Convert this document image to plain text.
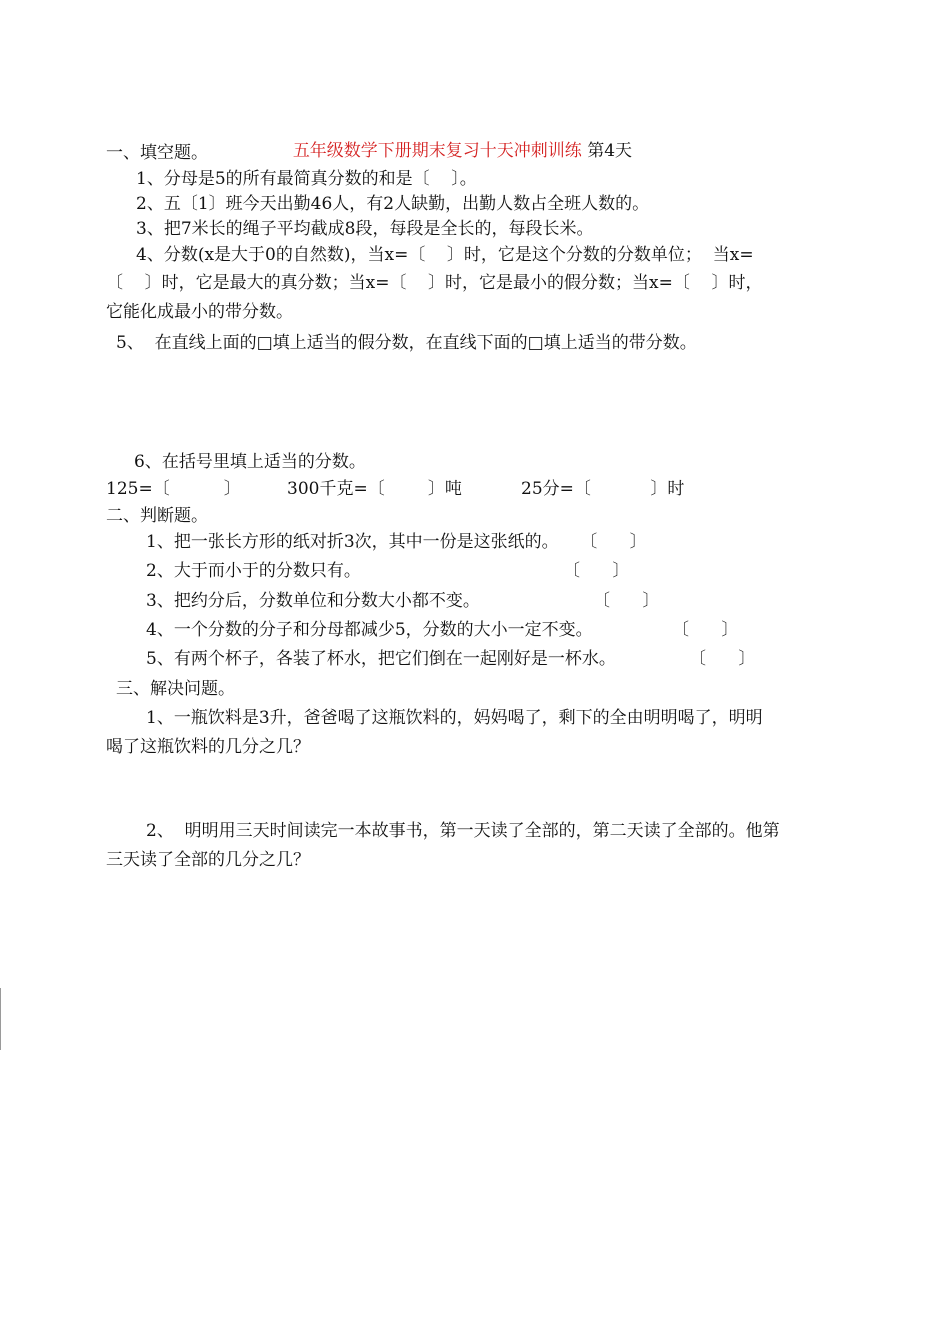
五年级数学下册期末复习十天冲刺训练 第4天

一、填空题。
1、分母是5的所有最简真分数的和是〔    〕。
2、五〔1〕班今天出勤46人，有2人缺勤，出勤人数占全班人数的。
3、把7米长的绳子平均截成8段，每段是全长的，每段长米。
4、分数(x是大于0的自然数)，当x=〔    〕时，它是这个分数的分数单位；  当x=
〔    〕时，它是最大的真分数；当x=〔    〕时，它是最小的假分数；当x=〔    〕时，
它能化成最小的带分数。
5、  在直线上面的□填上适当的假分数，在直线下面的□填上适当的带分数。
6、在括号里填上适当的分数。
125=〔          〕	300千克=〔        〕吨	25分=〔           〕时
二、判断题。
1、把一张长方形的纸对折3次，其中一份是这张纸的。    〔      〕
2、大于而小于的分数只有。	〔      〕
3、把约分后，分数单位和分数大小都不变。	〔      〕
4、一个分数的分子和分母都减少5，分数的大小一定不变。	〔      〕
5、有两个杯子，各装了杯水，把它们倒在一起刚好是一杯水。	〔      〕
三、解决问题。
1、一瓶饮料是3升，爸爸喝了这瓶饮料的，妈妈喝了，剩下的全由明明喝了，明明
喝了这瓶饮料的几分之几？
2、  明明用三天时间读完一本故事书，第一天读了全部的，第二天读了全部的。他第
三天读了全部的几分之几？
